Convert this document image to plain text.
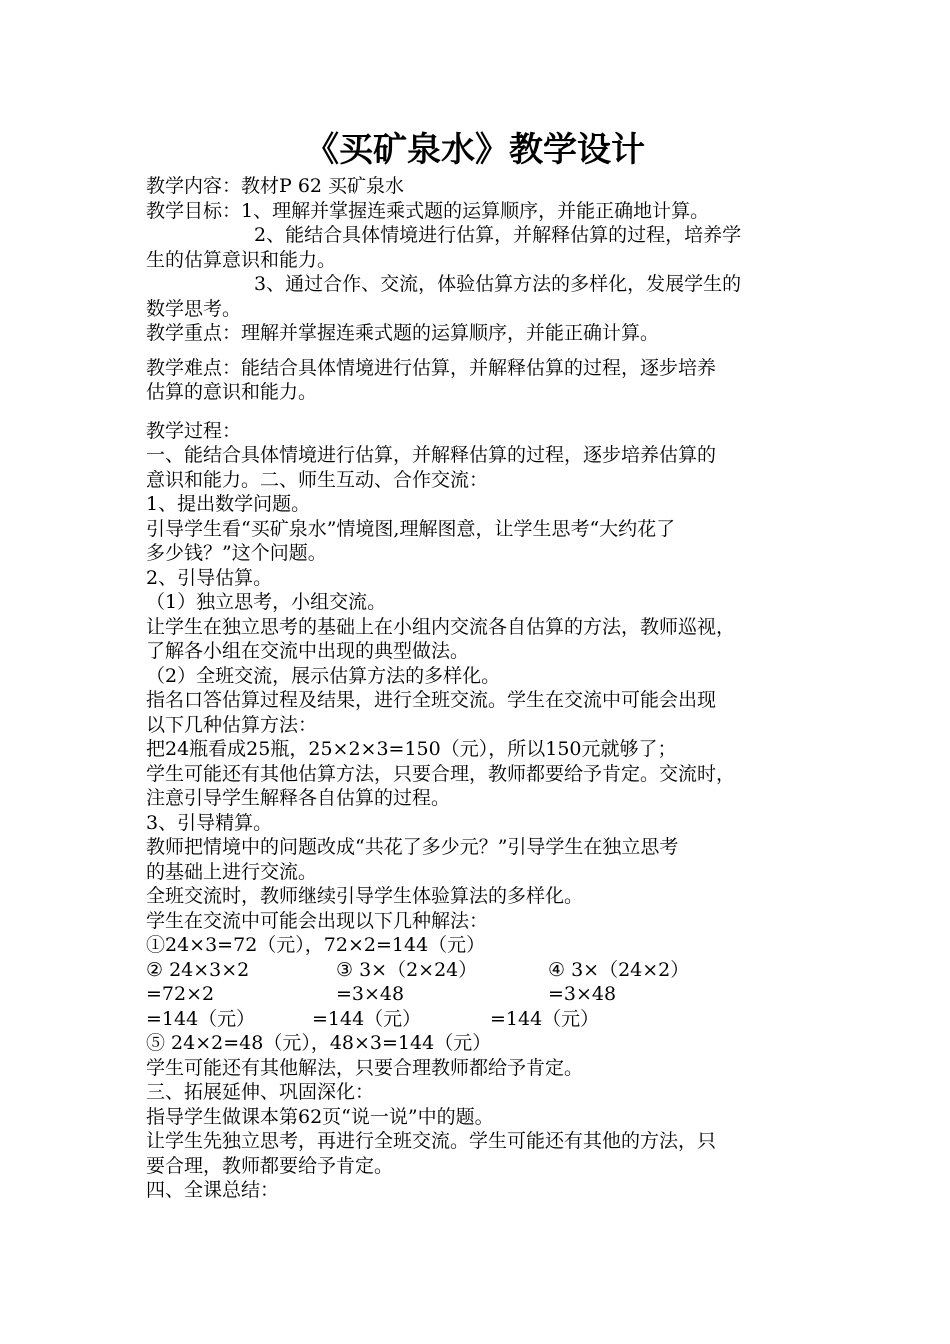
《买矿泉水》教学设计
教学内容：教材P 62 买矿泉水
教学目标：1、理解并掌握连乘式题的运算顺序，并能正确地计算。
2、能结合具体情境进行估算，并解释估算的过程，培养学
生的估算意识和能力。
3、通过合作、交流，体验估算方法的多样化，发展学生的
数学思考。
教学重点：理解并掌握连乘式题的运算顺序，并能正确计算。
教学难点：能结合具体情境进行估算，并解释估算的过程，逐步培养
估算的意识和能力。
教学过程：
一、能结合具体情境进行估算，并解释估算的过程，逐步培养估算的
意识和能力。二、师生互动、合作交流：
1、提出数学问题。
引导学生看“买矿泉水”情境图,理解图意，让学生思考“大约花了
多少钱？”这个问题。
2、引导估算。
（1）独立思考，小组交流。
让学生在独立思考的基础上在小组内交流各自估算的方法，教师巡视，
了解各小组在交流中出现的典型做法。
（2）全班交流，展示估算方法的多样化。
指名口答估算过程及结果，进行全班交流。学生在交流中可能会出现
以下几种估算方法：
把24瓶看成25瓶，25×2×3=150（元），所以150元就够了；
学生可能还有其他估算方法，只要合理，教师都要给予肯定。交流时，
注意引导学生解释各自估算的过程。
3、引导精算。
教师把情境中的问题改成“共花了多少元？”引导学生在独立思考
的基础上进行交流。
全班交流时，教师继续引导学生体验算法的多样化。
学生在交流中可能会出现以下几种解法：
①24×3=72（元），72×2=144（元）
② 24×3×2	③ 3×（2×24）	④ 3×（24×2）
=72×2	=3×48	=3×48
=144（元）	=144（元）	=144（元）
⑤ 24×2=48（元），48×3=144（元）
学生可能还有其他解法，只要合理教师都给予肯定。
三、拓展延伸、巩固深化：
指导学生做课本第62页“说一说”中的题。
让学生先独立思考，再进行全班交流。学生可能还有其他的方法，只
要合理，教师都要给予肯定。
四、全课总结：
